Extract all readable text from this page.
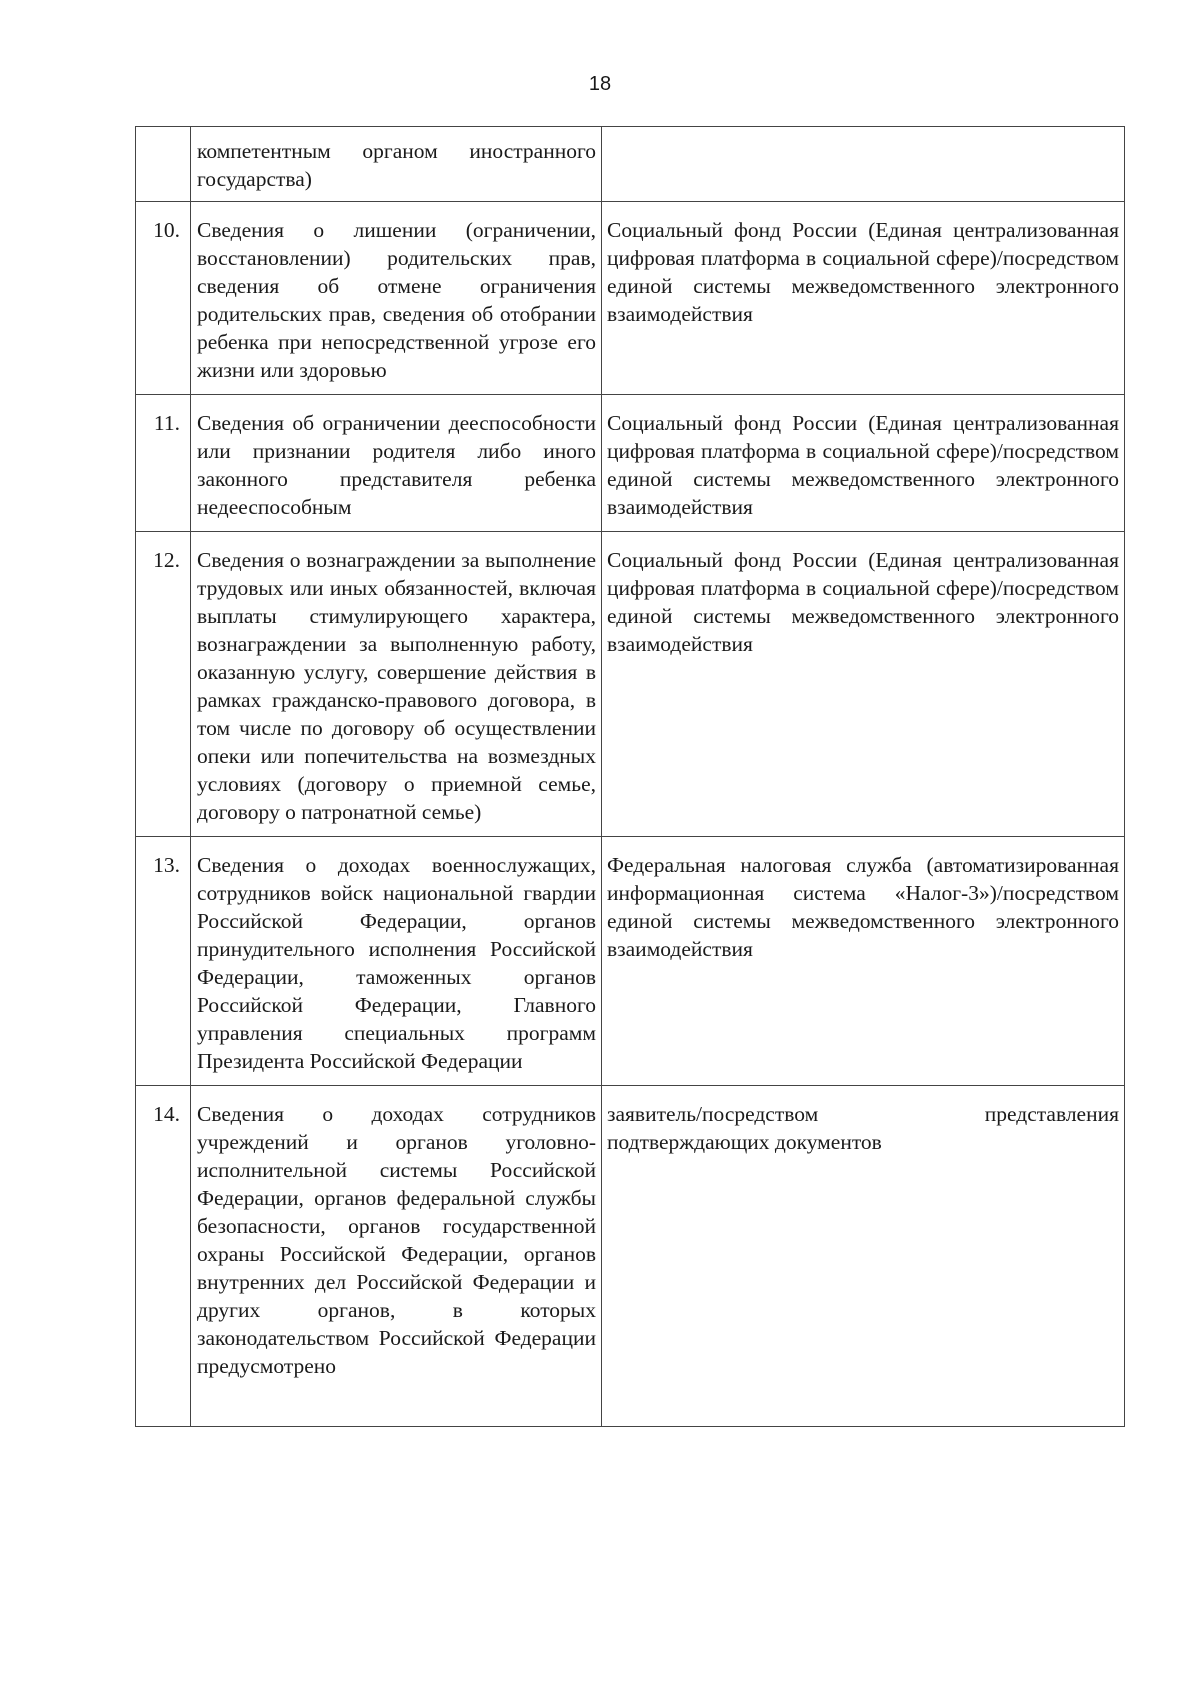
18
	компетентным органом иностранного государства)	
10.	Сведения о лишении (ограничении, восстановлении) родительских прав, сведения об отмене ограничения родительских прав, сведения об отобрании ребенка при непосредственной угрозе его жизни или здоровью	Социальный фонд России (Единая централизованная цифровая платформа в социальной сфере)/посредством единой системы межведомственного электронного взаимодействия
11.	Сведения об ограничении дееспособности или признании родителя либо иного законного представителя ребенка недееспособным	Социальный фонд России (Единая централизованная цифровая платформа в социальной сфере)/посредством единой системы межведомственного электронного взаимодействия
12.	Сведения о вознаграждении за выполнение трудовых или иных обязанностей, включая выплаты стимулирующего характера, вознаграждении за выполненную работу, оказанную услугу, совершение действия в рамках гражданско-правового договора, в том числе по договору об осуществлении опеки или попечительства на возмездных условиях (договору о приемной семье, договору о патронатной семье)	Социальный фонд России (Единая централизованная цифровая платформа в социальной сфере)/посредством единой системы межведомственного электронного взаимодействия
13.	Сведения о доходах военнослужащих, сотрудников войск национальной гвардии Российской Федерации, органов принудительного исполнения Российской Федерации, таможенных органов Российской Федерации, Главного управления специальных программ Президента Российской Федерации	Федеральная налоговая служба (автоматизированная информационная система «Налог-3»)/посредством единой системы межведомственного электронного взаимодействия
14.	Сведения о доходах сотрудников учреждений и органов уголовно-исполнительной системы Российской Федерации, органов федеральной службы безопасности, органов государственной охраны Российской Федерации, органов внутренних дел Российской Федерации и других органов, в которых законодательством Российской Федерации предусмотрено	заявитель/посредством представления подтверждающих документов
